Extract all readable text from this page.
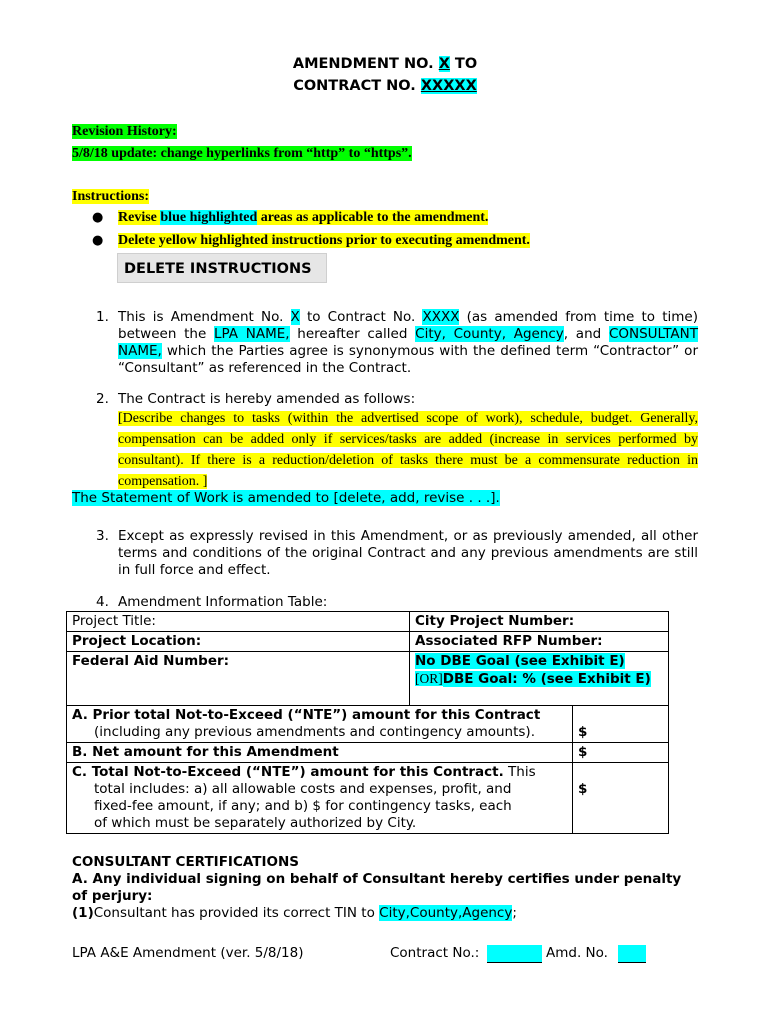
AMENDMENT NO. X TO
CONTRACT NO. XXXXX
Revision History:
5/8/18 update: change hyperlinks from “http” to “https”.
Instructions:
● Revise blue highlighted areas as applicable to the amendment.
● Delete yellow highlighted instructions prior to executing amendment.
DELETE INSTRUCTIONS
1. This is Amendment No. X to Contract No. XXXX (as amended from time to time) between the LPA NAME, hereafter called City, County, Agency, and CONSULTANT NAME, which the Parties agree is synonymous with the defined term “Contractor” or “Consultant” as referenced in the Contract.
2. The Contract is hereby amended as follows:
[Describe changes to tasks (within the advertised scope of work), schedule, budget. Generally, compensation can be added only if services/tasks are added (increase in services performed by consultant). If there is a reduction/deletion of tasks there must be a commensurate reduction in compensation. ]
The Statement of Work is amended to [delete, add, revise . . .].
3. Except as expressly revised in this Amendment, or as previously amended, all other terms and conditions of the original Contract and any previous amendments are still in full force and effect.
4. Amendment Information Table:
Project Title:	City Project Number:
Project Location:	Associated RFP Number:
Federal Aid Number:	No DBE Goal (see Exhibit E)
[OR]DBE Goal: % (see Exhibit E)
A. Prior total Not-to-Exceed (“NTE”) amount for this Contract
(including any previous amendments and contingency amounts).	$
B. Net amount for this Amendment	$

C. Total Not-to-Exceed (“NTE”) amount for this Contract. This
total includes: a) all allowable costs and expenses, profit, and fixed-fee amount, if any; and b) $ for contingency tasks, each of which must be separately authorized by City.	$
CONSULTANT CERTIFICATIONS
A. Any individual signing on behalf of Consultant hereby certifies under penalty of perjury:
(1)Consultant has provided its correct TIN to City,County,Agency;
LPA A&E Amendment (ver. 5/8/18)	Contract No.:	Amd. No.
